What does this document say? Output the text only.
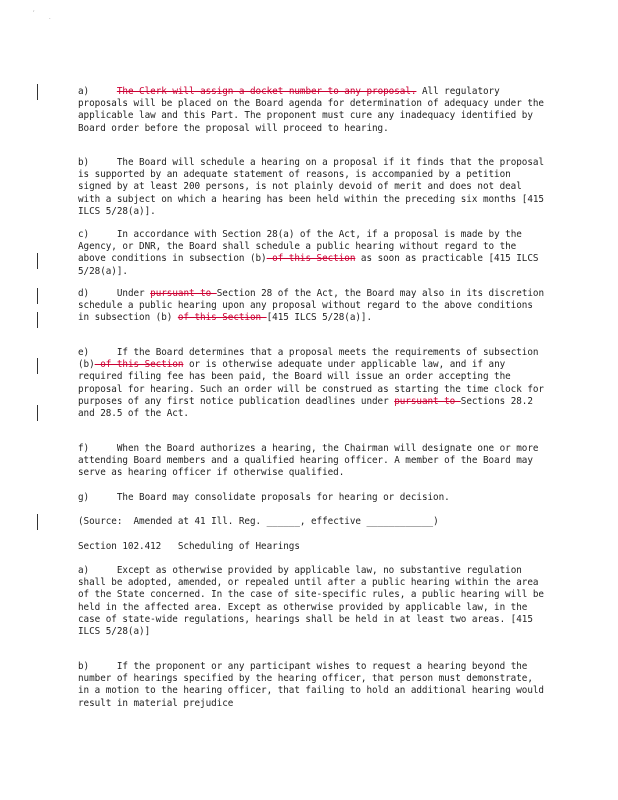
,
.

a)	The Clerk will assign a docket number to any proposal. All regulatory proposals will be placed on the Board agenda for determination of adequacy under the applicable law and this Part. The proponent must cure any inadequacy identified by Board order before the proposal will proceed to hearing.

b)	The Board will schedule a hearing on a proposal if it finds that the proposal is supported by an adequate statement of reasons, is accompanied by a petition signed by at least 200 persons, is not plainly devoid of merit and does not deal with a subject on which a hearing has been held within the preceding six months [415 ILCS 5/28(a)].

c)	In accordance with Section 28(a) of the Act, if a proposal is made by the Agency, or DNR, the Board shall schedule a public hearing without regard to the above conditions in subsection (b) of this Section as soon as practicable [415 ILCS 5/28(a)].

d)	Under pursuant to Section 28 of the Act, the Board may also in its discretion schedule a public hearing upon any proposal without regard to the above conditions in subsection (b) of this Section [415 ILCS 5/28(a)].

e)	If the Board determines that a proposal meets the requirements of subsection (b) of this Section or is otherwise adequate under applicable law, and if any required filing fee has been paid, the Board will issue an order accepting the proposal for hearing. Such an order will be construed as starting the time clock for purposes of any first notice publication deadlines under pursuant to Sections 28.2 and 28.5 of the Act.

f)	When the Board authorizes a hearing, the Chairman will designate one or more attending Board members and a qualified hearing officer. A member of the Board may serve as hearing officer if otherwise qualified.

g)	The Board may consolidate proposals for hearing or decision.

(Source:  Amended at 41 Ill. Reg. ______, effective ____________)

Section 102.412   Scheduling of Hearings

a)	Except as otherwise provided by applicable law, no substantive regulation shall be adopted, amended, or repealed until after a public hearing within the area of the State concerned. In the case of site-specific rules, a public hearing will be held in the affected area. Except as otherwise provided by applicable law, in the case of state-wide regulations, hearings shall be held in at least two areas. [415 ILCS 5/28(a)]

b)	If the proponent or any participant wishes to request a hearing beyond the number of hearings specified by the hearing officer, that person must demonstrate, in a motion to the hearing officer, that failing to hold an additional hearing would result in material prejudice
